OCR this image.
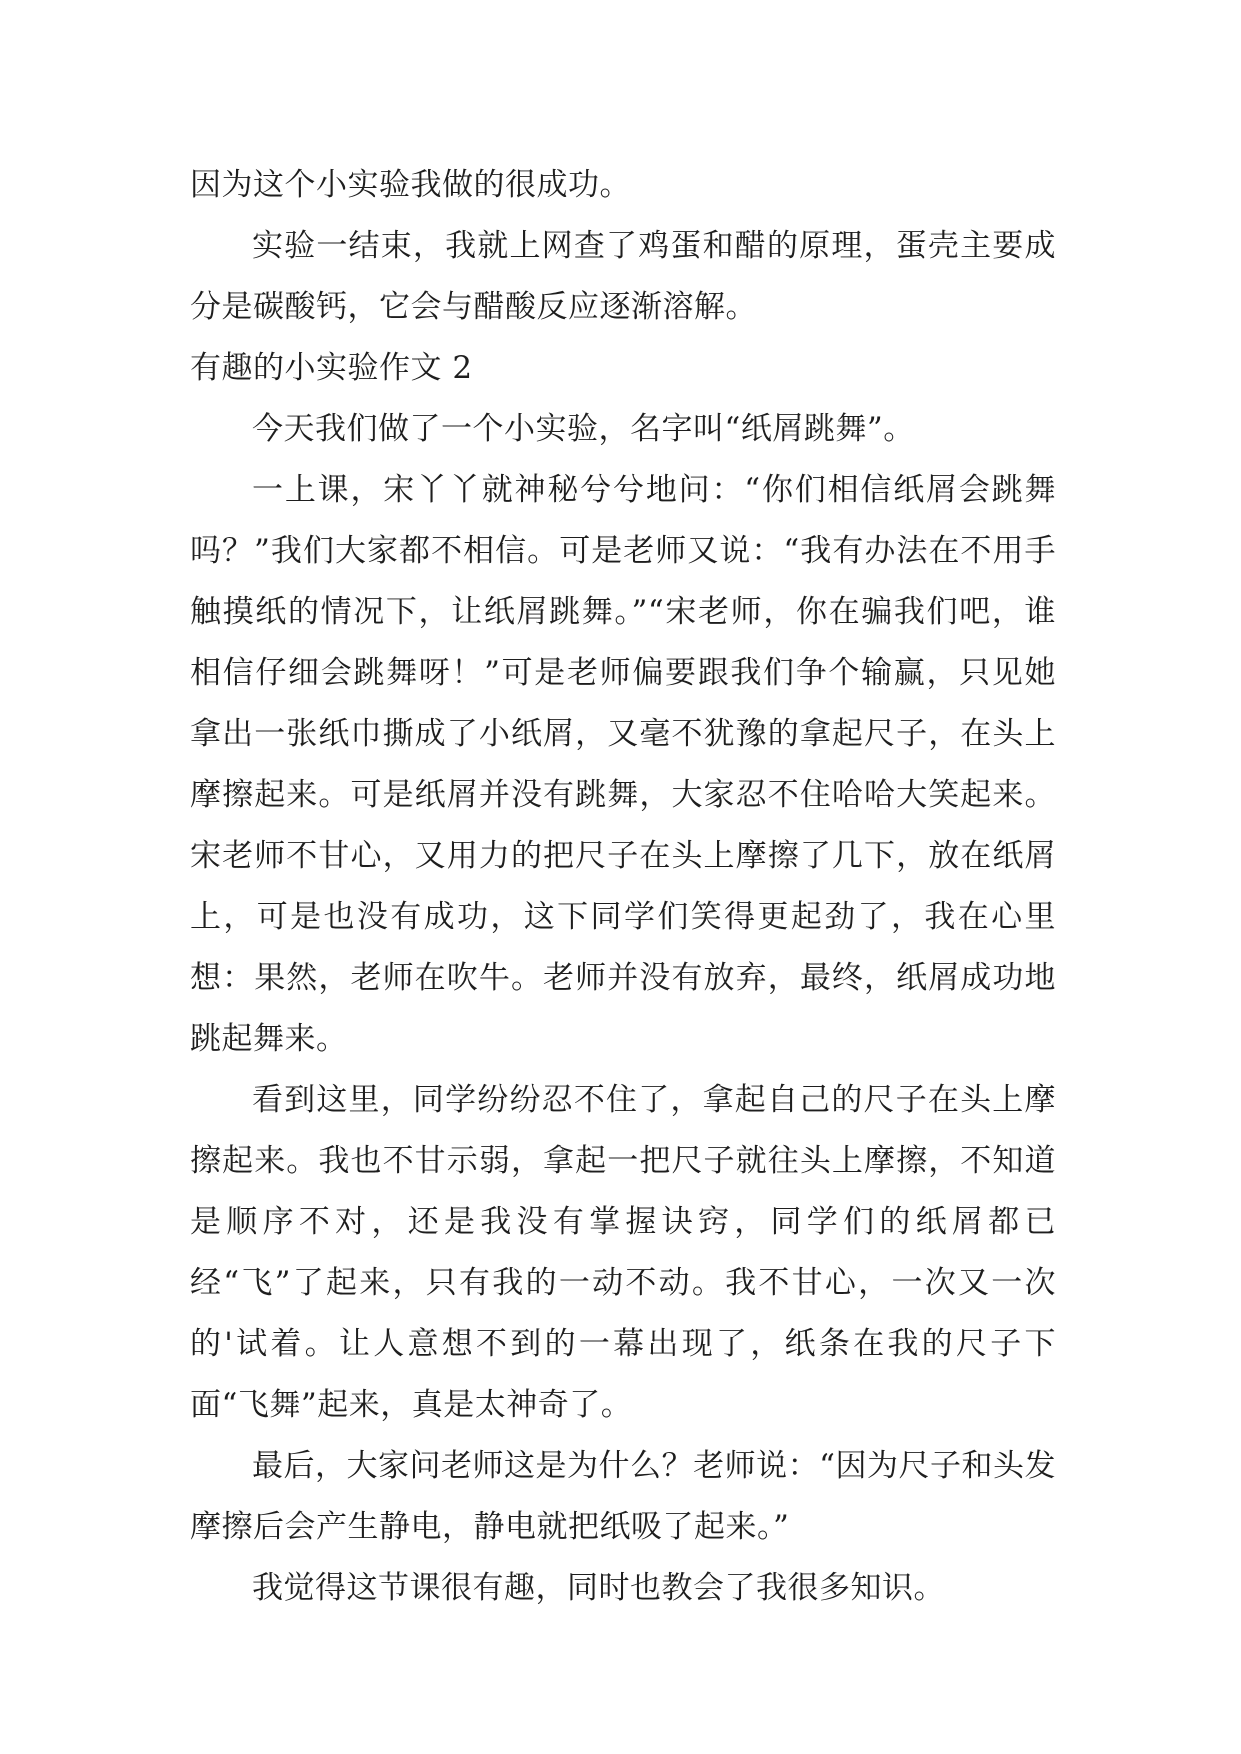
因为这个小实验我做的很成功。

实验一结束，我就上网查了鸡蛋和醋的原理，蛋壳主要成分是碳酸钙，它会与醋酸反应逐渐溶解。

有趣的小实验作文 2

今天我们做了一个小实验，名字叫“纸屑跳舞”。

一上课，宋丫丫就神秘兮兮地问：“你们相信纸屑会跳舞吗？”我们大家都不相信。可是老师又说：“我有办法在不用手触摸纸的情况下，让纸屑跳舞。”“宋老师，你在骗我们吧，谁相信仔细会跳舞呀！”可是老师偏要跟我们争个输赢，只见她拿出一张纸巾撕成了小纸屑，又毫不犹豫的拿起尺子，在头上摩擦起来。可是纸屑并没有跳舞，大家忍不住哈哈大笑起来。宋老师不甘心，又用力的把尺子在头上摩擦了几下，放在纸屑上，可是也没有成功，这下同学们笑得更起劲了，我在心里想：果然，老师在吹牛。老师并没有放弃，最终，纸屑成功地跳起舞来。

看到这里，同学纷纷忍不住了，拿起自己的尺子在头上摩擦起来。我也不甘示弱，拿起一把尺子就往头上摩擦，不知道是顺序不对，还是我没有掌握诀窍，同学们的纸屑都已经“飞”了起来，只有我的一动不动。我不甘心，一次又一次的'试着。让人意想不到的一幕出现了，纸条在我的尺子下面“飞舞”起来，真是太神奇了。

最后，大家问老师这是为什么？老师说：“因为尺子和头发摩擦后会产生静电，静电就把纸吸了起来。”

我觉得这节课很有趣，同时也教会了我很多知识。
